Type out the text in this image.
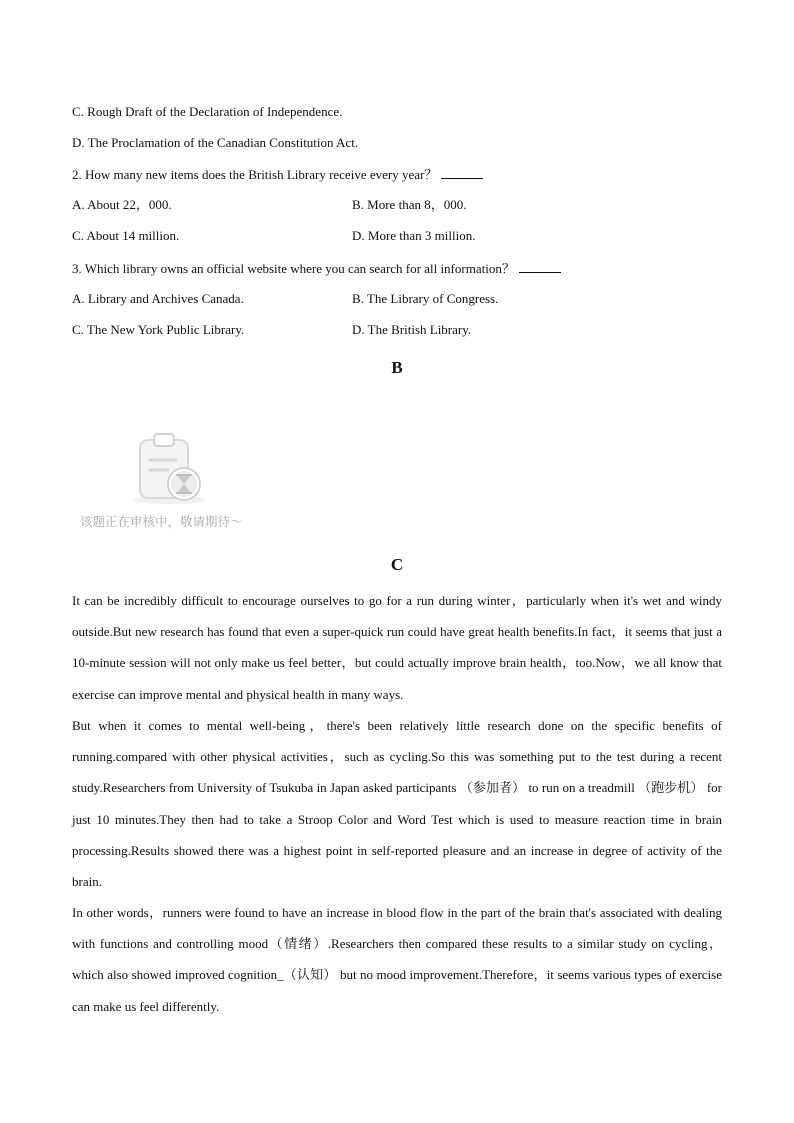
C. Rough Draft of the Declaration of Independence.
D. The Proclamation of the Canadian Constitution Act.
2. How many new items does the British Library receive every year？
A. About 22，000.	B. More than 8，000.
C. About 14 million.	D. More than 3 million.
3. Which library owns an official website where you can search for all information？
A. Library and Archives Canada.	B. The Library of Congress.
C. The New York Public Library.	D. The British Library.
B
该题正在审核中，敬请期待～
C
It can be incredibly difficult to encourage ourselves to go for a run during winter，particularly when it's wet and windy outside.But new research has found that even a super-quick run could have great health benefits.In fact，it seems that just a 10-minute session will not only make us feel better，but could actually improve brain health，too.Now，we all know that exercise can improve mental and physical health in many ways.
But when it comes to mental well-being，there's been relatively little research done on the specific benefits of running.compared with other physical activities，such as cycling.So this was something put to the test during a recent study.Researchers from University of Tsukuba in Japan asked participants （参加者） to run on a treadmill （跑步机） for just 10 minutes.They then had to take a Stroop Color and Word Test which is used to measure reaction time in brain processing.Results showed there was a highest point in self-reported pleasure and an increase in degree of activity of the brain.
In other words，runners were found to have an increase in blood flow in the part of the brain that's associated with dealing with functions and controlling mood（情绪）.Researchers then compared these results to a similar study on cycling，which also showed improved cognition_（认知） but no mood improvement.Therefore，it seems various types of exercise can make us feel differently.
